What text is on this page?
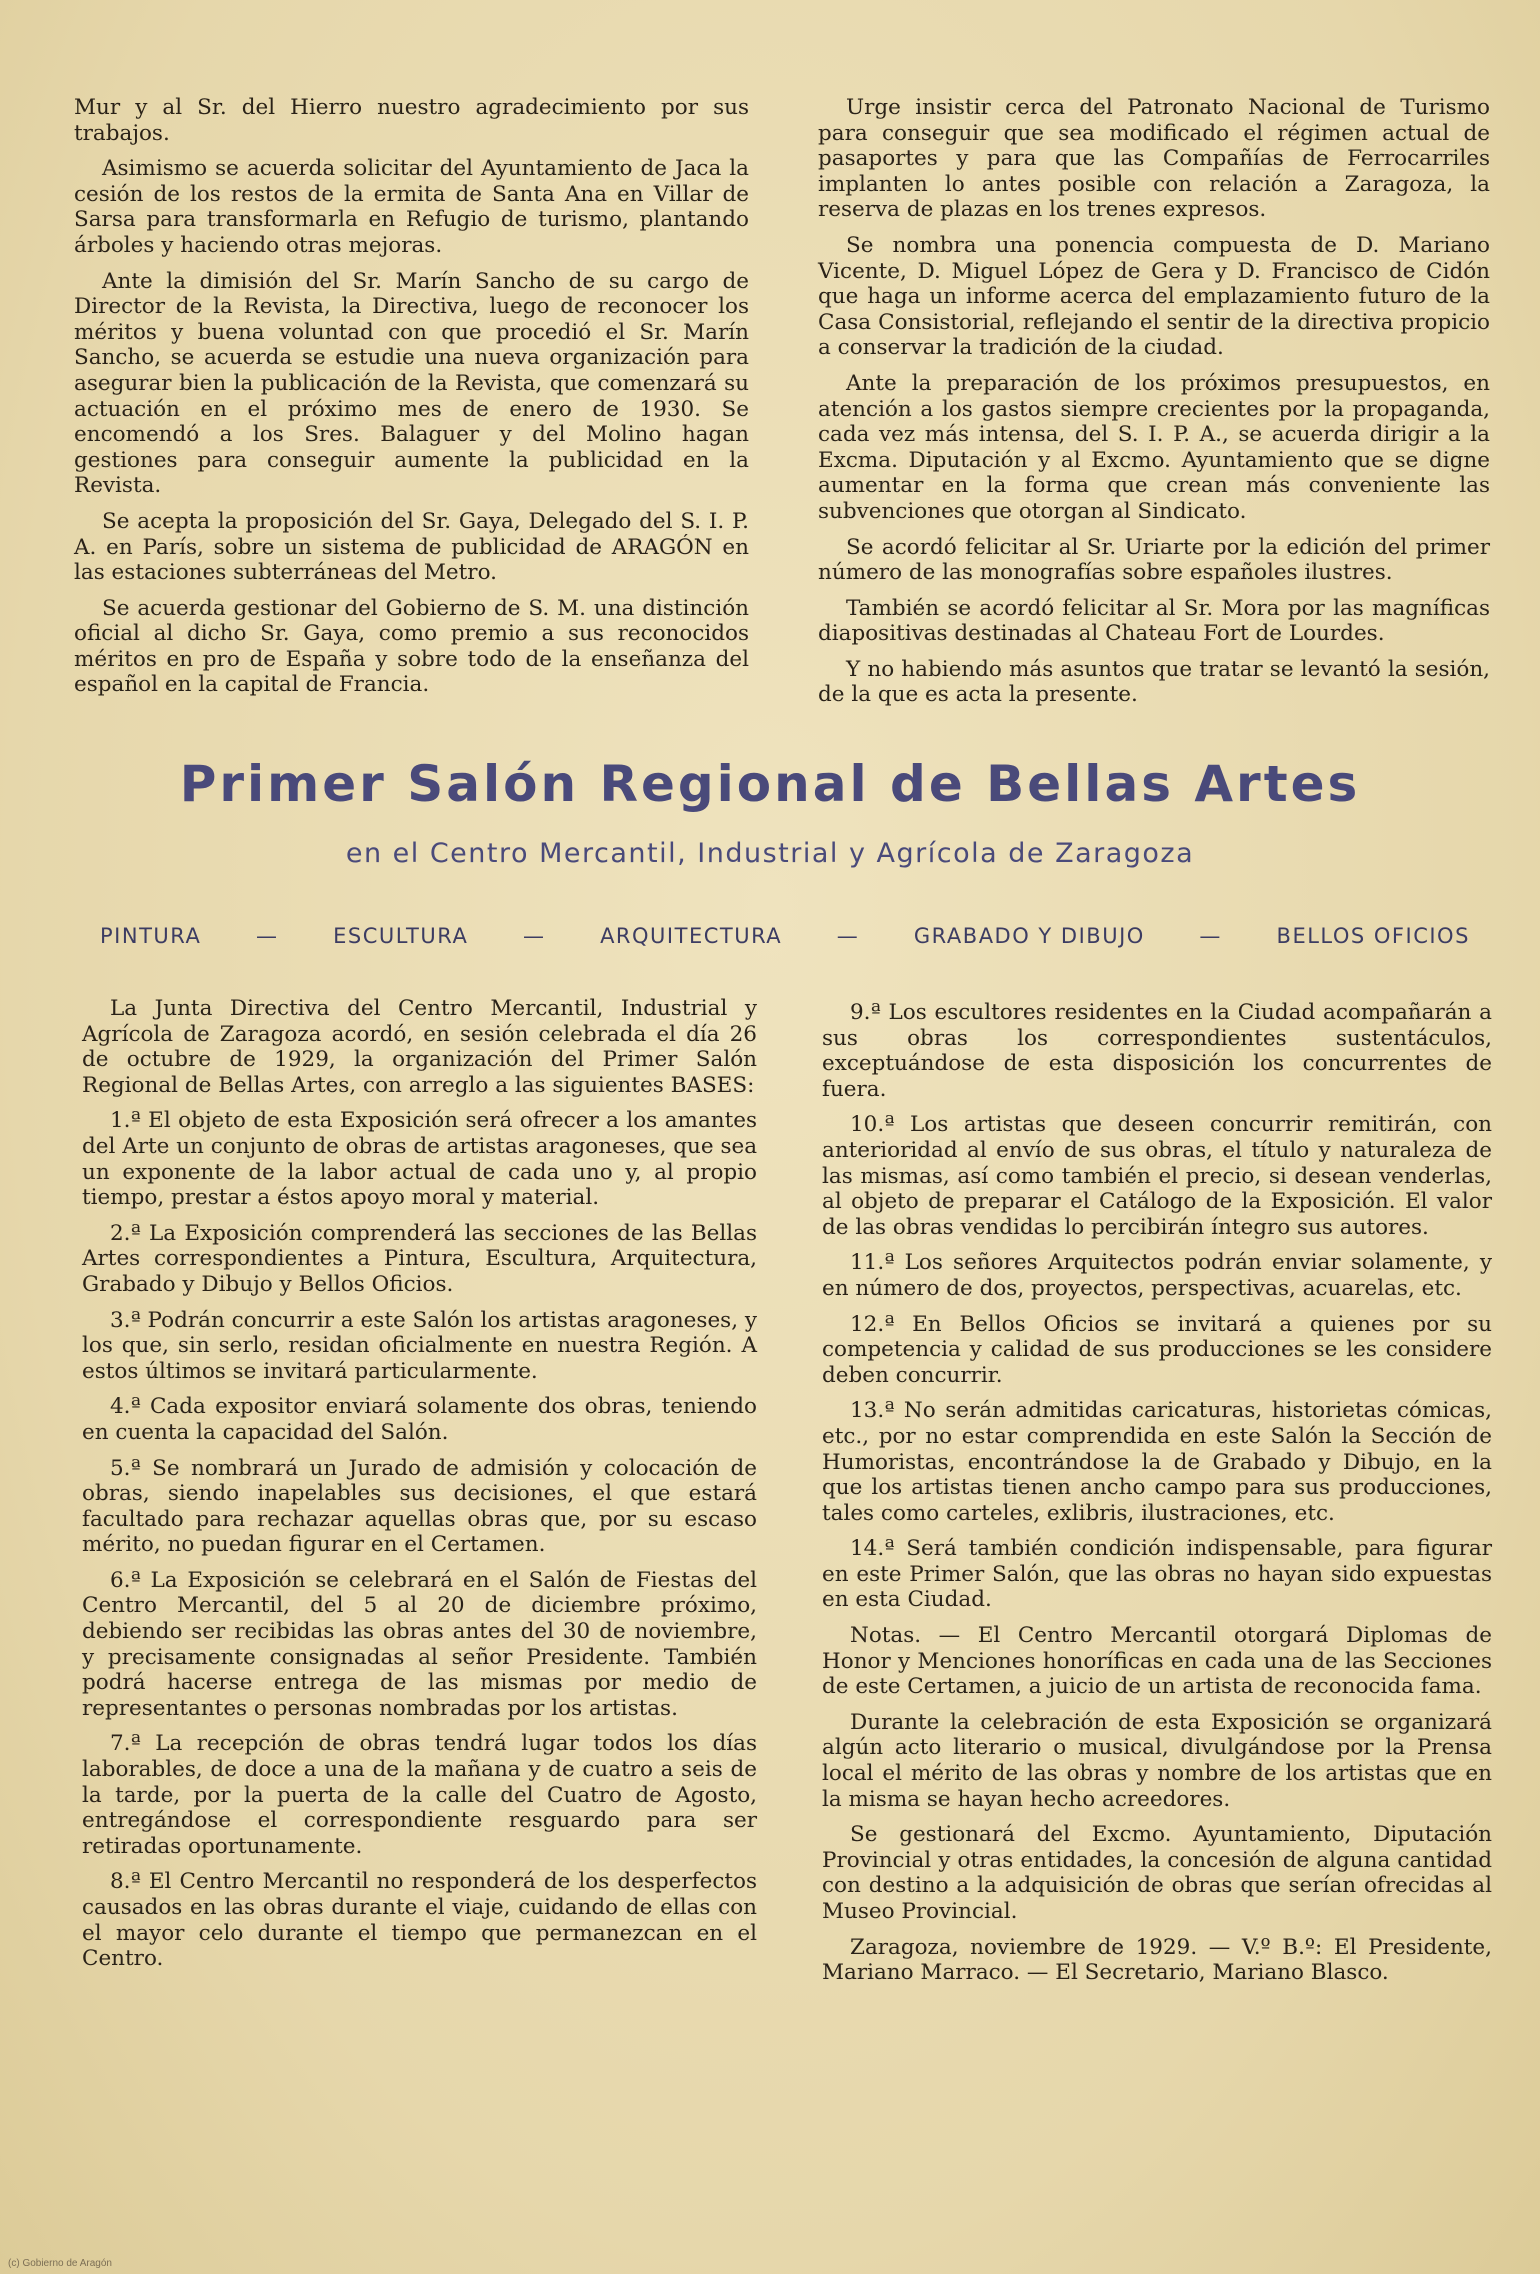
Mur y al Sr. del Hierro nuestro agradecimiento por sus trabajos.

Asimismo se acuerda solicitar del Ayuntamiento de Jaca la cesión de los restos de la ermita de Santa Ana en Villar de Sarsa para transformarla en Refugio de turismo, plantando árboles y haciendo otras mejoras.

Ante la dimisión del Sr. Marín Sancho de su cargo de Director de la Revista, la Directiva, luego de reconocer los méritos y buena voluntad con que procedió el Sr. Marín Sancho, se acuerda se estudie una nueva organización para asegurar bien la publicación de la Revista, que comenzará su actuación en el próximo mes de enero de 1930. Se encomendó a los Sres. Balaguer y del Molino hagan gestiones para conseguir aumente la publicidad en la Revista.

Se acepta la proposición del Sr. Gaya, Delegado del S. I. P. A. en París, sobre un sistema de publicidad de ARAGÓN en las estaciones subterráneas del Metro.

Se acuerda gestionar del Gobierno de S. M. una distinción oficial al dicho Sr. Gaya, como premio a sus reconocidos méritos en pro de España y sobre todo de la enseñanza del español en la capital de Francia.

Urge insistir cerca del Patronato Nacional de Turismo para conseguir que sea modificado el régimen actual de pasaportes y para que las Compañías de Ferrocarriles implanten lo antes posible con relación a Zaragoza, la reserva de plazas en los trenes expresos.

Se nombra una ponencia compuesta de D. Mariano Vicente, D. Miguel López de Gera y D. Francisco de Cidón que haga un informe acerca del emplazamiento futuro de la Casa Consistorial, reflejando el sentir de la directiva propicio a conservar la tradición de la ciudad.

Ante la preparación de los próximos presupuestos, en atención a los gastos siempre crecientes por la propaganda, cada vez más intensa, del S. I. P. A., se acuerda dirigir a la Excma. Diputación y al Excmo. Ayuntamiento que se digne aumentar en la forma que crean más conveniente las subvenciones que otorgan al Sindicato.

Se acordó felicitar al Sr. Uriarte por la edición del primer número de las monografías sobre españoles ilustres.

También se acordó felicitar al Sr. Mora por las magníficas diapositivas destinadas al Chateau Fort de Lourdes.

Y no habiendo más asuntos que tratar se levantó la sesión, de la que es acta la presente.

Primer Salón Regional de Bellas Artes
en el Centro Mercantil, Industrial y Agrícola de Zaragoza
PINTURA	—	ESCULTURA	—	ARQUITECTURA	—	GRABADO Y DIBUJO	—	BELLOS OFICIOS

La Junta Directiva del Centro Mercantil, Industrial y Agrícola de Zaragoza acordó, en sesión celebrada el día 26 de octubre de 1929, la organización del Primer Salón Regional de Bellas Artes, con arreglo a las siguientes BASES:

1.ª El objeto de esta Exposición será ofrecer a los amantes del Arte un conjunto de obras de artistas aragoneses, que sea un exponente de la labor actual de cada uno y, al propio tiempo, prestar a éstos apoyo moral y material.

2.ª La Exposición comprenderá las secciones de las Bellas Artes correspondientes a Pintura, Escultura, Arquitectura, Grabado y Dibujo y Bellos Oficios.

3.ª Podrán concurrir a este Salón los artistas aragoneses, y los que, sin serlo, residan oficialmente en nuestra Región. A estos últimos se invitará particularmente.

4.ª Cada expositor enviará solamente dos obras, teniendo en cuenta la capacidad del Salón.

5.ª Se nombrará un Jurado de admisión y colocación de obras, siendo inapelables sus decisiones, el que estará facultado para rechazar aquellas obras que, por su escaso mérito, no puedan figurar en el Certamen.

6.ª La Exposición se celebrará en el Salón de Fiestas del Centro Mercantil, del 5 al 20 de diciembre próximo, debiendo ser recibidas las obras antes del 30 de noviembre, y precisamente consignadas al señor Presidente. También podrá hacerse entrega de las mismas por medio de representantes o personas nombradas por los artistas.

7.ª La recepción de obras tendrá lugar todos los días laborables, de doce a una de la mañana y de cuatro a seis de la tarde, por la puerta de la calle del Cuatro de Agosto, entregándose el correspondiente resguardo para ser retiradas oportunamente.

8.ª El Centro Mercantil no responderá de los desperfectos causados en las obras durante el viaje, cuidando de ellas con el mayor celo durante el tiempo que permanezcan en el Centro.

9.ª Los escultores residentes en la Ciudad acompañarán a sus obras los correspondientes sustentáculos, exceptuándose de esta disposición los concurrentes de fuera.

10.ª Los artistas que deseen concurrir remitirán, con anterioridad al envío de sus obras, el título y naturaleza de las mismas, así como también el precio, si desean venderlas, al objeto de preparar el Catálogo de la Exposición. El valor de las obras vendidas lo percibirán íntegro sus autores.

11.ª Los señores Arquitectos podrán enviar solamente, y en número de dos, proyectos, perspectivas, acuarelas, etc.

12.ª En Bellos Oficios se invitará a quienes por su competencia y calidad de sus producciones se les considere deben concurrir.

13.ª No serán admitidas caricaturas, historietas cómicas, etc., por no estar comprendida en este Salón la Sección de Humoristas, encontrándose la de Grabado y Dibujo, en la que los artistas tienen ancho campo para sus producciones, tales como carteles, exlibris, ilustraciones, etc.

14.ª Será también condición indispensable, para figurar en este Primer Salón, que las obras no hayan sido expuestas en esta Ciudad.

Notas. — El Centro Mercantil otorgará Diplomas de Honor y Menciones honoríficas en cada una de las Secciones de este Certamen, a juicio de un artista de reconocida fama.

Durante la celebración de esta Exposición se organizará algún acto literario o musical, divulgándose por la Prensa local el mérito de las obras y nombre de los artistas que en la misma se hayan hecho acreedores.

Se gestionará del Excmo. Ayuntamiento, Diputación Provincial y otras entidades, la concesión de alguna cantidad con destino a la adquisición de obras que serían ofrecidas al Museo Provincial.

Zaragoza, noviembre de 1929. — V.º B.º: El Presidente, Mariano Marraco. — El Secretario, Mariano Blasco.

(c) Gobierno de Aragón
